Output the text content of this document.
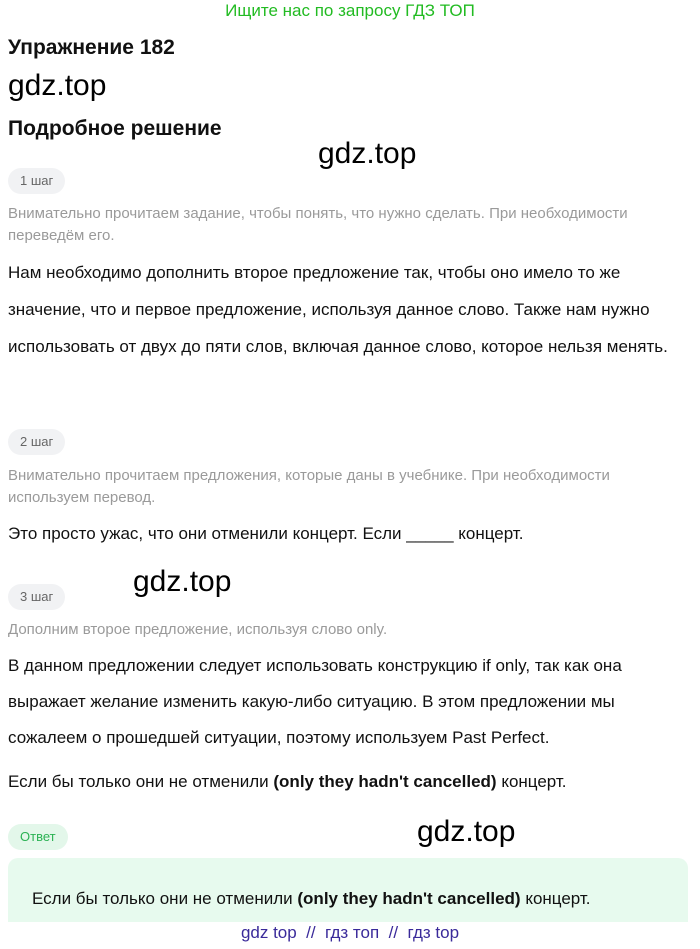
Ищите нас по запросу ГДЗ ТОП
Упражнение 182
gdz.top
Подробное решение
gdz.top
1 шаг
Внимательно прочитаем задание, чтобы понять, что нужно сделать. При необходимости переведём его.
Нам необходимо дополнить второе предложение так, чтобы оно имело то же значение, что и первое предложение, используя данное слово. Также нам нужно использовать от двух до пяти слов, включая данное слово, которое нельзя менять.
2 шаг
Внимательно прочитаем предложения, которые даны в учебнике. При необходимости используем перевод.
Это просто ужас, что они отменили концерт. Если _____ концерт.
gdz.top
3 шаг
Дополним второе предложение, используя слово only.
В данном предложении следует использовать конструкцию if only, так как она выражает желание изменить какую-либо ситуацию. В этом предложении мы сожалеем о прошедшей ситуации, поэтому используем Past Perfect.
Если бы только они не отменили (only they hadn't cancelled) концерт.
gdz.top
Ответ
Если бы только они не отменили (only they hadn't cancelled) концерт.
gdz top  //  гдз топ  //  гдз top
